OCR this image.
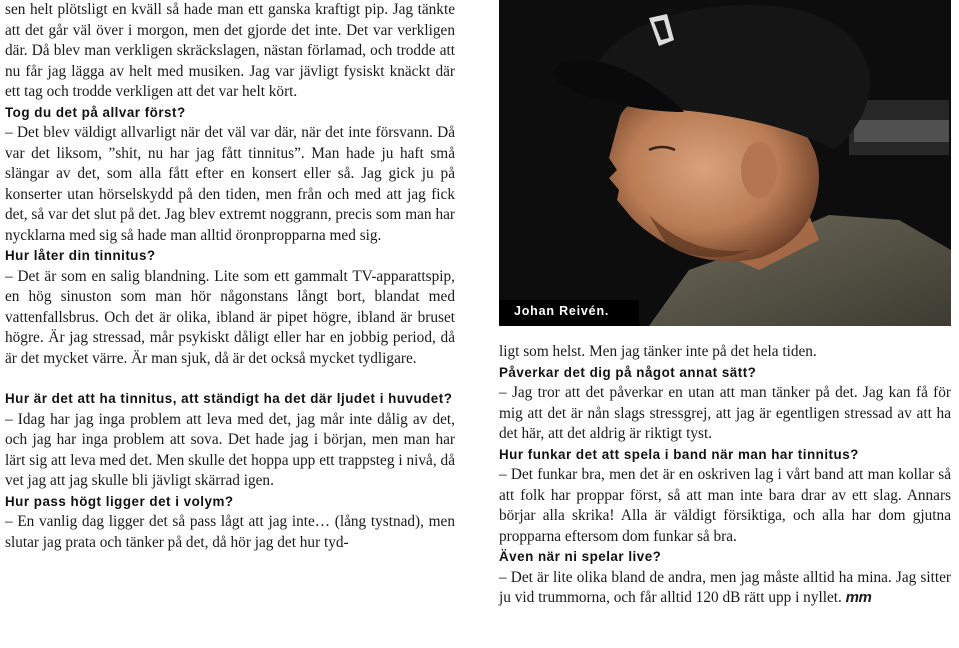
sen helt plötsligt en kväll så hade man ett ganska kraftigt pip. Jag tänkte att det går väl över i morgon, men det gjorde det inte. Det var verkligen där. Då blev man verkligen skräckslagen, nästan förlamad, och trodde att nu får jag lägga av helt med musiken. Jag var jävligt fysiskt knäckt där ett tag och trodde verkligen att det var helt kört.

Tog du det på allvar först?

– Det blev väldigt allvarligt när det väl var där, när det inte försvann. Då var det liksom, ”shit, nu har jag fått tinnitus”. Man hade ju haft små slängar av det, som alla fått efter en konsert eller så. Jag gick ju på konserter utan hörselskydd på den tiden, men från och med att jag fick det, så var det slut på det. Jag blev extremt noggrann, precis som man har nycklarna med sig så hade man alltid öronpropparna med sig.

Hur låter din tinnitus?

– Det är som en salig blandning. Lite som ett gammalt TV-apparattspip, en hög sinuston som man hör någonstans långt bort, blandat med vattenfallsbrus. Och det är olika, ibland är pipet högre, ibland är bruset högre. Är jag stressad, mår psykiskt dåligt eller har en jobbig period, då är det mycket värre. Är man sjuk, då är det också mycket tydligare.

Hur är det att ha tinnitus, att ständigt ha det där ljudet i huvudet?

– Idag har jag inga problem att leva med det, jag mår inte dålig av det, och jag har inga problem att sova. Det hade jag i början, men man har lärt sig att leva med det. Men skulle det hoppa upp ett trappsteg i nivå, då vet jag att jag skulle bli jävligt skärrad igen.

Hur pass högt ligger det i volym?

– En vanlig dag ligger det så pass lågt att jag inte… (lång tystnad), men slutar jag prata och tänker på det, då hör jag det hur tyd-

Johan Reivén.

ligt som helst. Men jag tänker inte på det hela tiden.

Påverkar det dig på något annat sätt?

– Jag tror att det påverkar en utan att man tänker på det. Jag kan få för mig att det är nån slags stressgrej, att jag är egentligen stressad av att ha det här, att det aldrig är riktigt tyst.

Hur funkar det att spela i band när man har tinnitus?

– Det funkar bra, men det är en oskriven lag i vårt band att man kollar så att folk har proppar först, så att man inte bara drar av ett slag. Annars börjar alla skrika! Alla är väldigt försiktiga, och alla har dom gjutna propparna eftersom dom funkar så bra.

Även när ni spelar live?

– Det är lite olika bland de andra, men jag måste alltid ha mina. Jag sitter ju vid trummorna, och får alltid 120 dB rätt upp i nyllet. mm
